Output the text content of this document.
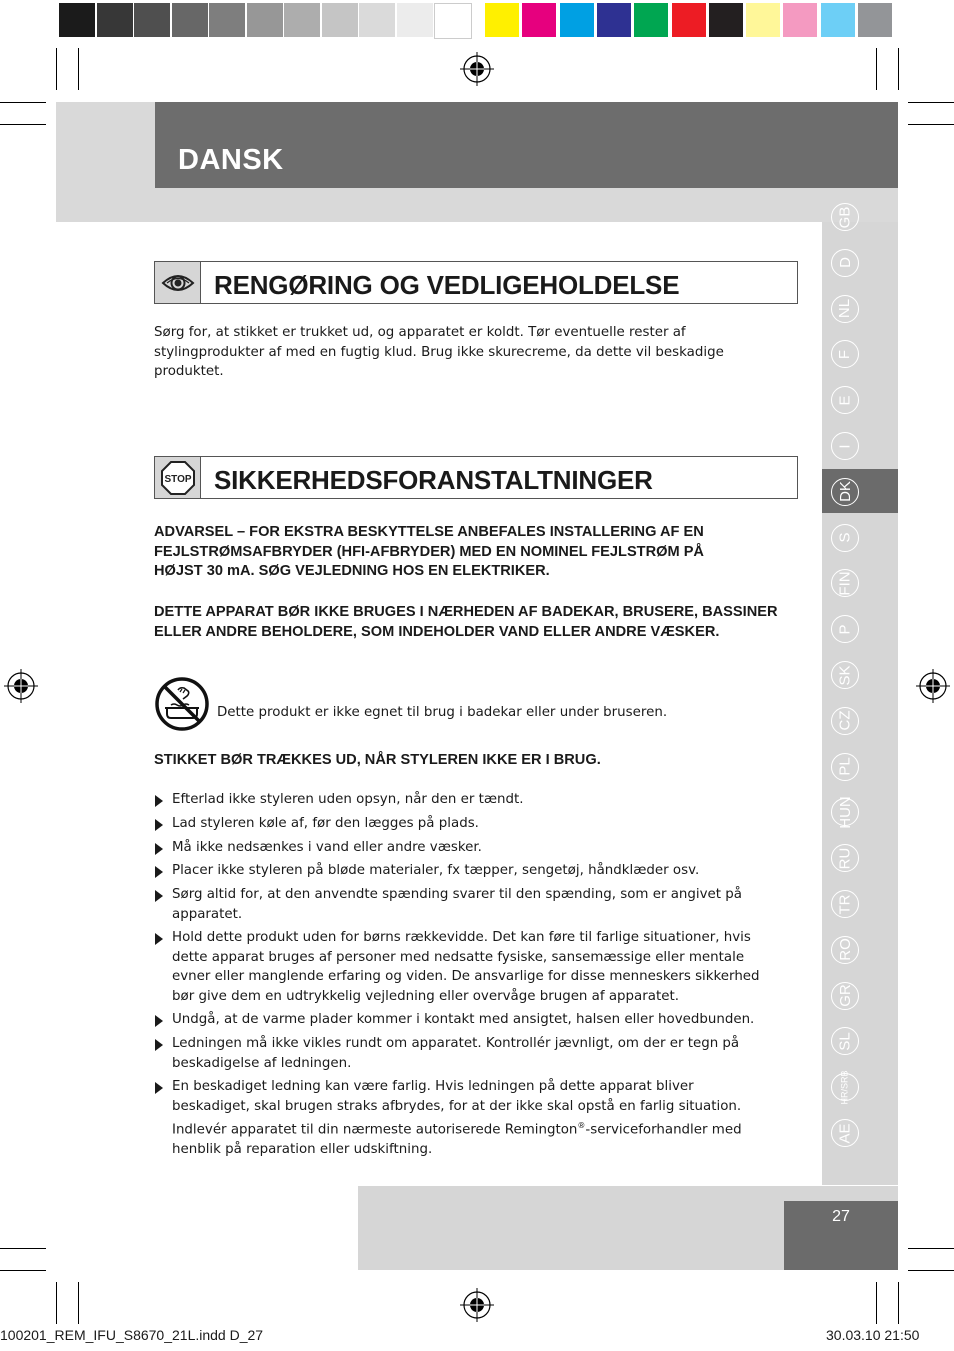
DANSK
GB
D
NL
F
E
I
DK
S
FIN
P
SK
CZ
PL
HUN
RU
TR
RO
GR
SL
HR/SRB
AE
RENGØRING OG VEDLIGEHOLDELSE
Sørg for, at stikket er trukket ud, og apparatet er koldt. Tør eventuelle rester af stylingprodukter af med en fugtig klud. Brug ikke skurecreme, da dette vil beskadige produktet.
STOP SIKKERHEDSFORANSTALTNINGER
ADVARSEL – FOR EKSTRA BESKYTTELSE ANBEFALES INSTALLERING AF EN FEJLSTRØMSAFBRYDER (HFI-AFBRYDER) MED EN NOMINEL FEJLSTRØM PÅ HØJST 30 mA. SØG VEJLEDNING HOS EN ELEKTRIKER.
DETTE APPARAT BØR IKKE BRUGES I NÆRHEDEN AF BADEKAR, BRUSERE, BASSINER ELLER ANDRE BEHOLDERE, SOM INDEHOLDER VAND ELLER ANDRE VÆSKER.
Dette produkt er ikke egnet til brug i badekar eller under bruseren.
STIKKET BØR TRÆKKES UD, NÅR STYLEREN IKKE ER I BRUG.
Efterlad ikke styleren uden opsyn, når den er tændt.
Lad styleren køle af, før den lægges på plads.
Må ikke nedsænkes i vand eller andre væsker.
Placer ikke styleren på bløde materialer, fx tæpper, sengetøj, håndklæder osv.
Sørg altid for, at den anvendte spænding svarer til den spænding, som er angivet på apparatet.
Hold dette produkt uden for børns rækkevidde. Det kan føre til farlige situationer, hvis dette apparat bruges af personer med nedsatte fysiske, sansemæssige eller mentale evner eller manglende erfaring og viden. De ansvarlige for disse menneskers sikkerhed bør give dem en udtrykkelig vejledning eller overvåge brugen af apparatet.
Undgå, at de varme plader kommer i kontakt med ansigtet, halsen eller hovedbunden.
Ledningen må ikke vikles rundt om apparatet. Kontrollér jævnligt, om der er tegn på beskadigelse af ledningen.
En beskadiget ledning kan være farlig. Hvis ledningen på dette apparat bliver beskadiget, skal brugen straks afbrydes, for at der ikke skal opstå en farlig situation. Indlevér apparatet til din nærmeste autoriserede Remington®-serviceforhandler med henblik på reparation eller udskiftning.
27
100201_REM_IFU_S8670_21L.indd D_27	30.03.10 21:50
